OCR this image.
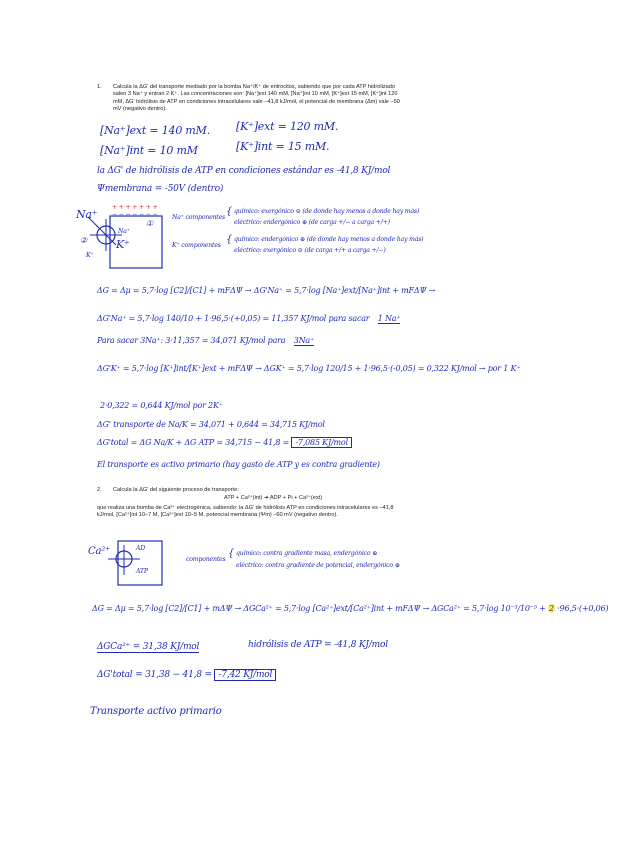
1. Calcula la ΔG' del transporte mediado por la bomba Na⁺/K⁺ de eritrocitos, sabiendo que por cada ATP hidrolizado
salen 3 Na⁺ y entran 2 K⁺. Las concentraciones son: [Na⁺]ext 140 mM, [Na⁺]int 10 mM, [K⁺]ext 15 mM, [K⁺]int 120
mM, ΔG' hidrólisis de ATP en condiciones intracelulares vale –41,8 kJ/mol, el potencial de membrana (Δm) vale –50
mV (negativo dentro).
[Na⁺]ext = 140 mM.
[Na⁺]int = 10 mM
[K⁺]ext = 120 mM.
[K⁺]int = 15 mM.
la ΔG' de hidrólisis de ATP en condiciones estándar es -41,8 KJ/mol
Ψmembrana = -50V (dentro)
+ + + + + + +
− − − − − − −
Na⁺
K⁺
K⁺
Na⁺
①
②
Na⁺ componentes
{ químico: exergónico ⊝ (de donde hay menos a donde hay más)
eléctrico: endergónico ⊕ (de carga +/− a carga +/+)
K⁺ componentes
{ químico: endergónico ⊕ (de donde hay menos a donde hay más)
eléctrico: exergónico ⊝ (de carga +/+ a carga +/−)
ΔG = Δμ = 5,7·log [C2]/[C1] + mFΔΨ → ΔG'Na⁺ = 5,7·log [Na⁺]ext/[Na⁺]int + mFΔΨ →
ΔG'Na⁺ = 5,7·log 140/10 + 1·96,5·(+0,05) = 11,357 KJ/mol para sacar 1 Na⁺
Para sacar 3Na⁺: 3·11,357 = 34,071 KJ/mol para 3Na⁺
ΔG'K⁺ = 5,7·log [K⁺]int/[K⁺]ext + mFΔΨ → ΔGK⁺ = 5,7·log 120/15 + 1·96,5·(-0,05) = 0,322 KJ/mol → por 1 K⁺
2·0,322 = 0,644 KJ/mol por 2K⁺
ΔG' transporte de Na/K = 34,071 + 0,644 = 34,715 KJ/mol
ΔG'total = ΔG Na/K + ΔG ATP = 34,715 − 41,8 = -7,085 KJ/mol
El transporte es activo primario (hay gasto de ATP y es contra gradiente)
2. Calcula la ΔG' del siguiente proceso de transporte:
ATP + Ca²⁺(int) ➜ ADP + Pi + Ca²⁺(ext)
que realiza una bomba de Ca²⁺ electrogénica, sabiendo: la ΔG' de hidrólisis ATP en condiciones intracelulares es –41,8
kJ/mol, [Ca²⁺]int 10–7 M, [Ca²⁺]ext 10–5 M, potencial membrana (Ψm) –60 mV (negativo dentro).
Ca²⁺	AD
ATP
componentes
{ químico: contra gradiente masa, endergónico ⊕
eléctrico: contra gradiente de potencial, endergónico ⊕
ΔG = Δμ = 5,7·log [C2]/[C1] + mΔΨ → ΔGCa²⁺ = 5,7·log [Ca²⁺]ext/[Ca²⁺]int + mFΔΨ → ΔGCa²⁺ = 5,7·log 10⁻³/10⁻⁵ + 2 ·96,5·(+0,06)
ΔGCa²⁺ = 31,38 KJ/mol	hidrólisis de ATP = -41,8 KJ/mol
ΔG'total = 31,38 − 41,8 = -7,42 KJ/mol
Transporte activo primario
